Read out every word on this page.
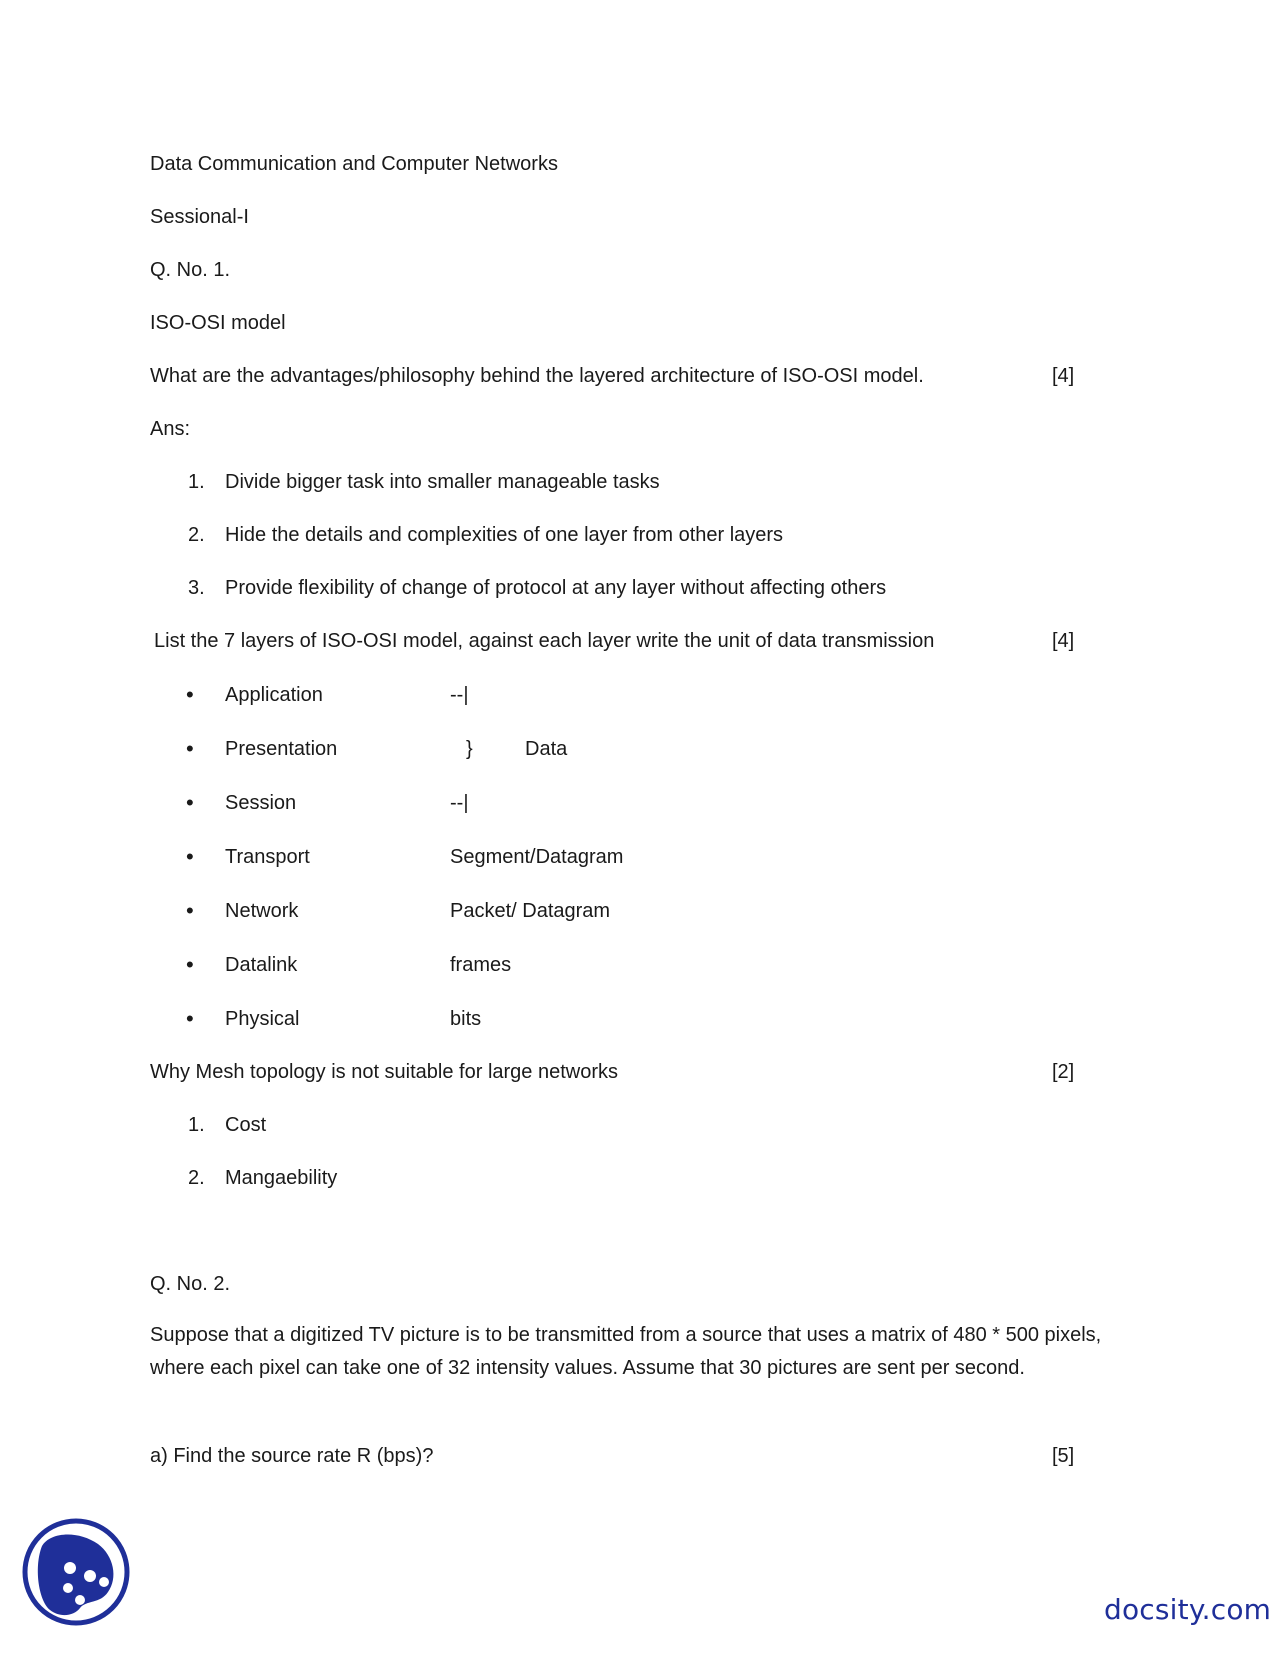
Data Communication and Computer Networks
Sessional-I
Q. No. 1.
ISO-OSI model
What are the advantages/philosophy behind the layered architecture of ISO-OSI model.	[4]
Ans:
1. Divide bigger task into smaller manageable tasks
2. Hide the details and complexities of one layer from other layers
3. Provide flexibility of change of protocol at any layer without affecting others
List the 7 layers of ISO-OSI model, against each layer write the unit of data transmission	[4]
• Application	--|
• Presentation	}	Data
• Session	--|
• Transport	Segment/Datagram
• Network	Packet/ Datagram
• Datalink	frames
• Physical	bits
Why Mesh topology is not suitable for large networks	[2]
1. Cost
2. Mangaebility
Q. No. 2.
Suppose that a digitized TV picture is to be transmitted from a source that uses a matrix of 480 * 500 pixels, where each pixel can take one of 32 intensity values. Assume that 30 pictures are sent per second.
a) Find the source rate R (bps)?	[5]
docsity.com
